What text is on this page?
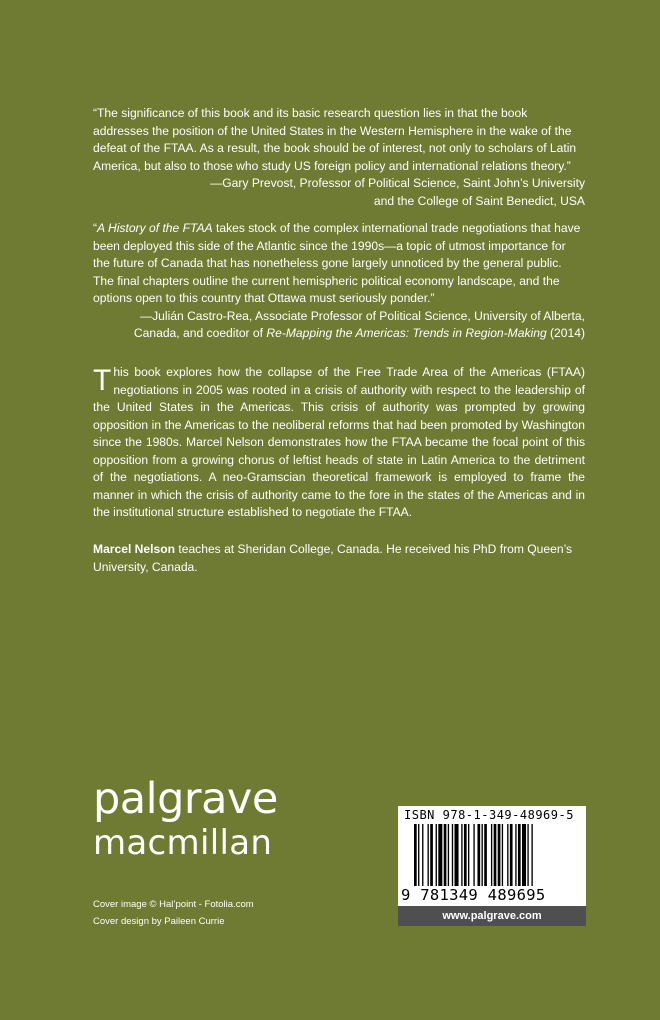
“The significance of this book and its basic research question lies in that the book addresses the position of the United States in the Western Hemisphere in the wake of the defeat of the FTAA. As a result, the book should be of interest, not only to scholars of Latin America, but also to those who study US foreign policy and international relations theory.”

—Gary Prevost, Professor of Political Science, Saint John’s University

and the College of Saint Benedict, USA

“A History of the FTAA takes stock of the complex international trade negotiations that have been deployed this side of the Atlantic since the 1990s—a topic of utmost importance for the future of Canada that has nonetheless gone largely unnoticed by the general public. The final chapters outline the current hemispheric political economy landscape, and the options open to this country that Ottawa must seriously ponder.”

—Julián Castro-Rea, Associate Professor of Political Science, University of Alberta,

Canada, and coeditor of Re-Mapping the Americas: Trends in Region-Making (2014)

This book explores how the collapse of the Free Trade Area of the Americas (FTAA) negotiations in 2005 was rooted in a crisis of authority with respect to the leadership of the United States in the Americas. This crisis of authority was prompted by growing opposition in the Americas to the neoliberal reforms that had been promoted by Washington since the 1980s. Marcel Nelson demonstrates how the FTAA became the focal point of this opposition from a growing chorus of leftist heads of state in Latin America to the detriment of the negotiations. A neo-Gramscian theoretical framework is employed to frame the manner in which the crisis of authority came to the fore in the states of the Americas and in the institutional structure established to negotiate the FTAA.

Marcel Nelson teaches at Sheridan College, Canada. He received his PhD from Queen’s University, Canada.

palgrave
macmillan
Cover image © Hal’point - Fotolia.com
Cover design by Paileen Currie
ISBN 978-1-349-48969-5
9 781349 489695
www.palgrave.com
